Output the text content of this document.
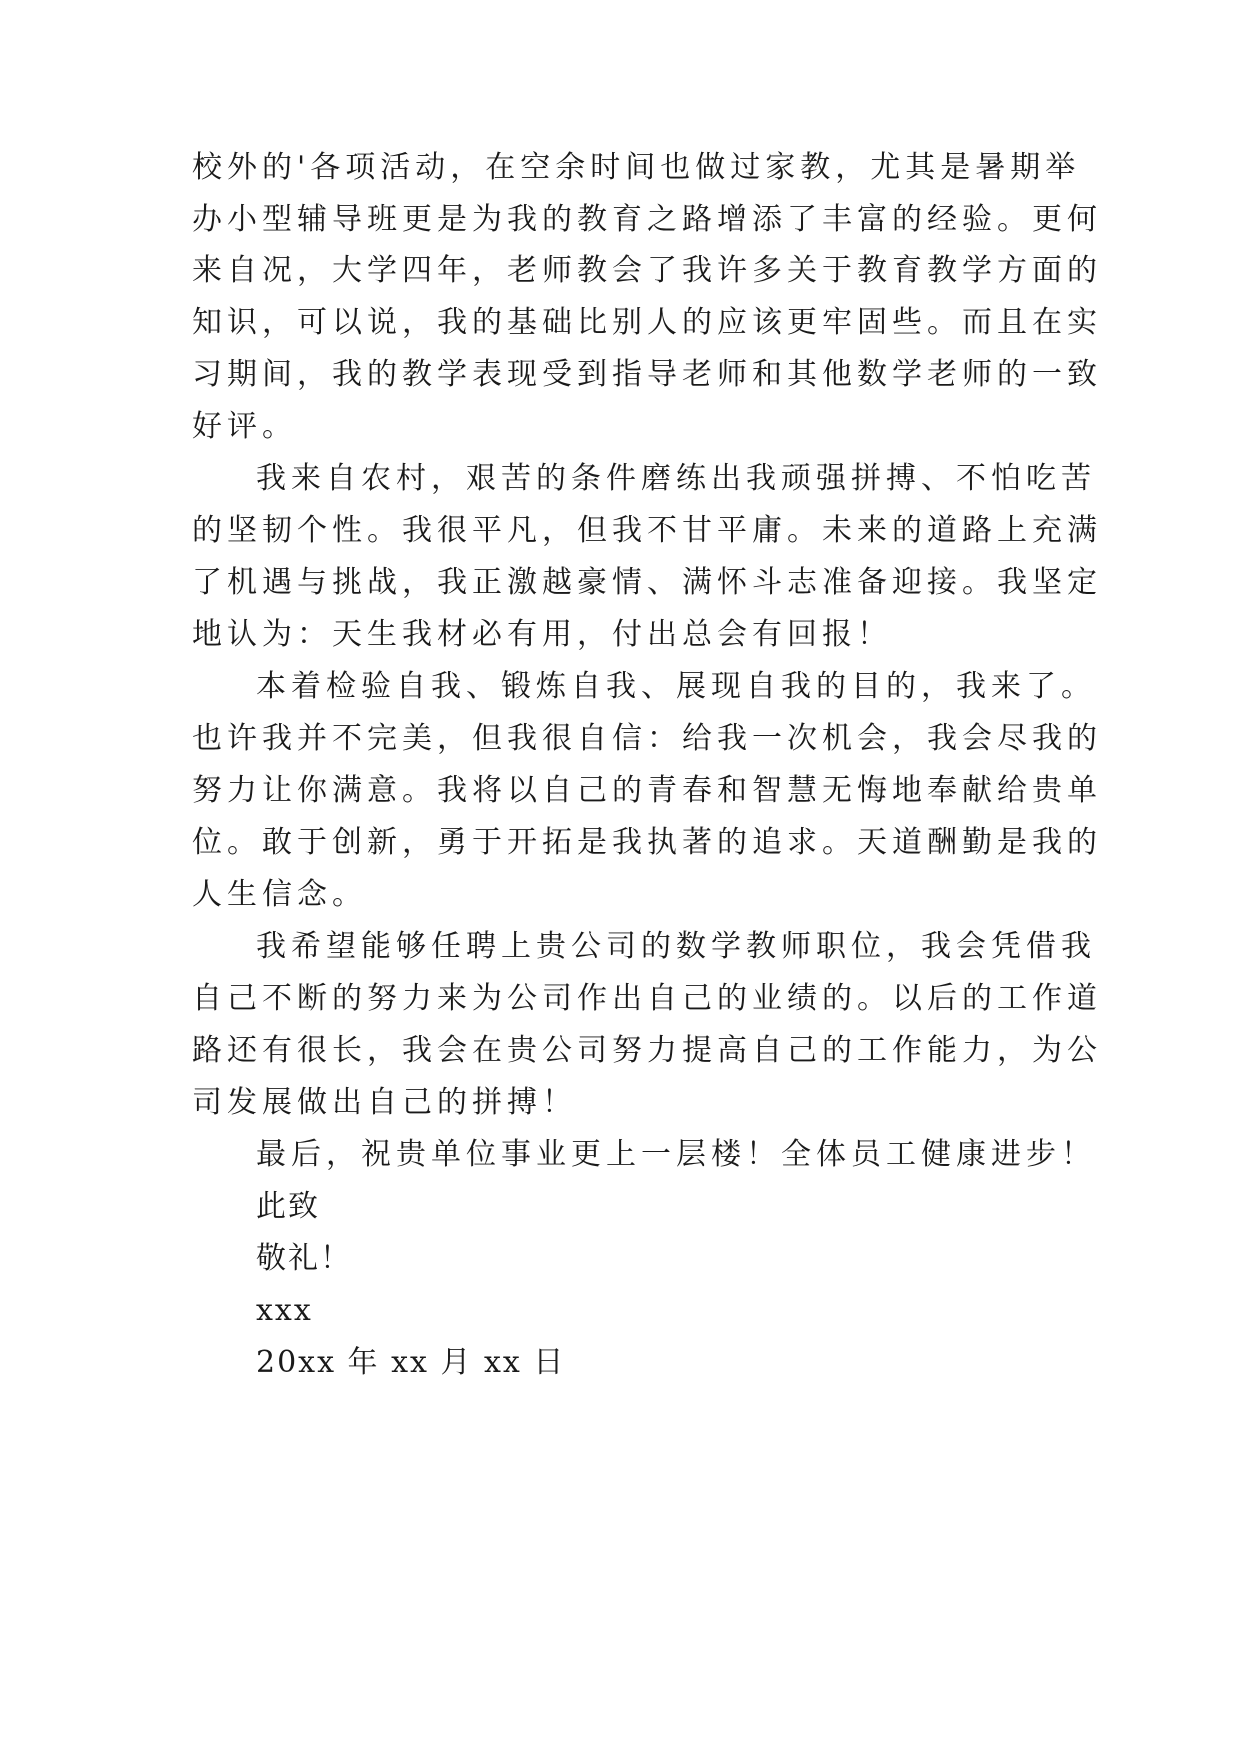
校外的'各项活动，在空余时间也做过家教，尤其是暑期举
办小型辅导班更是为我的教育之路增添了丰富的经验。更何
来自况，大学四年，老师教会了我许多关于教育教学方面的
知识，可以说，我的基础比别人的应该更牢固些。而且在实
习期间，我的教学表现受到指导老师和其他数学老师的一致
好评。
我来自农村，艰苦的条件磨练出我顽强拼搏、不怕吃苦
的坚韧个性。我很平凡，但我不甘平庸。未来的道路上充满
了机遇与挑战，我正激越豪情、满怀斗志准备迎接。我坚定
地认为：天生我材必有用，付出总会有回报！
本着检验自我、锻炼自我、展现自我的目的，我来了。
也许我并不完美，但我很自信：给我一次机会，我会尽我的
努力让你满意。我将以自己的青春和智慧无悔地奉献给贵单
位。敢于创新，勇于开拓是我执著的追求。天道酬勤是我的
人生信念。
我希望能够任聘上贵公司的数学教师职位，我会凭借我
自己不断的努力来为公司作出自己的业绩的。以后的工作道
路还有很长，我会在贵公司努力提高自己的工作能力，为公
司发展做出自己的拼搏！
最后，祝贵单位事业更上一层楼！全体员工健康进步！
此致
敬礼！
xxx
20xx 年 xx 月 xx 日
